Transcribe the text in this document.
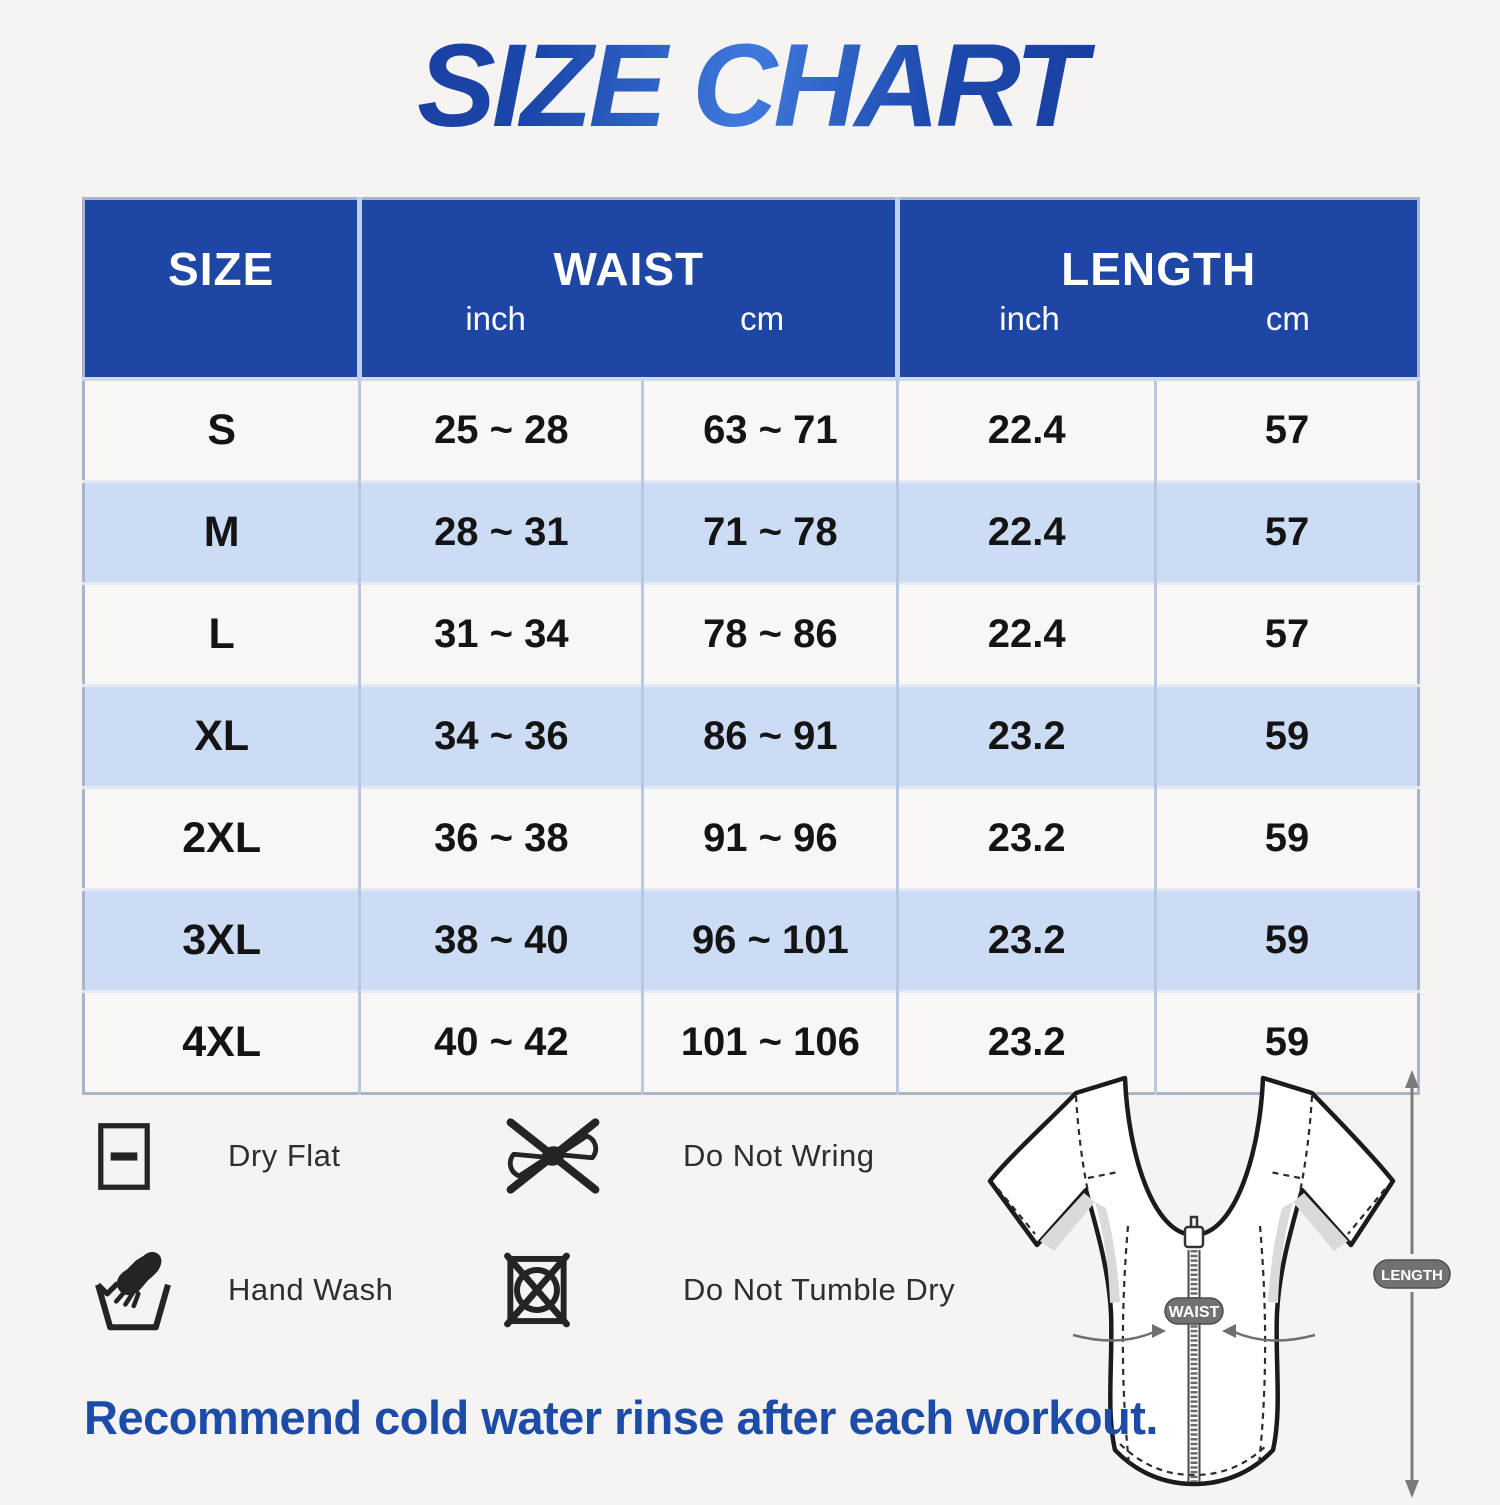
SIZE CHART
SIZE	WAIST
inch	cm

LENGTH
inch	cm

S	25 ~ 28	63 ~ 71	22.4	57
M	28 ~ 31	71 ~ 78	22.4	57
L	31 ~ 34	78 ~ 86	22.4	57
XL	34 ~ 36	86 ~ 91	23.2	59
2XL	36 ~ 38	91 ~ 96	23.2	59
3XL	38 ~ 40	96 ~ 101	23.2	59
4XL	40 ~ 42	101 ~ 106	23.2	59
Dry Flat	Do Not Wring
Hand Wash	Do Not Tumble Dry
WAIST
LENGTH
Recommend cold water rinse after each workout.
